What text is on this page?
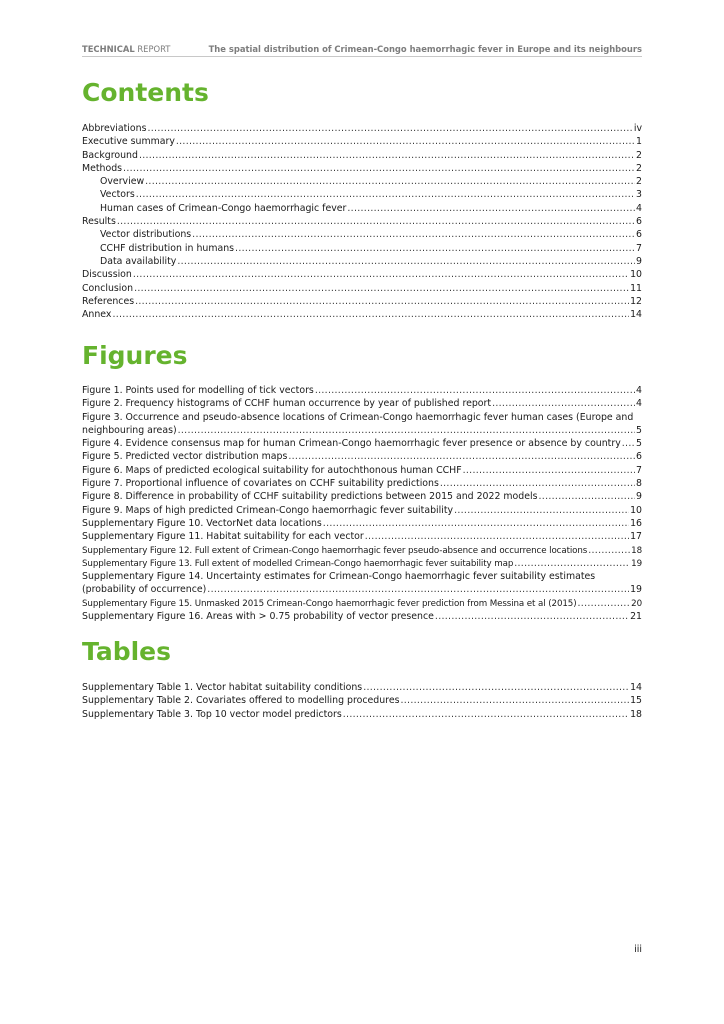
TECHNICAL REPORT	The spatial distribution of Crimean-Congo haemorrhagic fever in Europe and its neighbours
Contents
Abbreviations .....	iv
Executive summary .....	1
Background .....	2
Methods .....	2
Overview .....	2
Vectors .....	3
Human cases of Crimean-Congo haemorrhagic fever .....	4
Results .....	6
Vector distributions .....	6
CCHF distribution in humans .....	7
Data availability .....	9
Discussion .....	10
Conclusion .....	11
References .....	12
Annex .....	14
Figures
Figure 1. Points used for modelling of tick vectors .....	4
Figure 2. Frequency histograms of CCHF human occurrence by year of published report .....	4
Figure 3. Occurrence and pseudo-absence locations of Crimean-Congo haemorrhagic fever human cases (Europe and
neighbouring areas) .....	5
Figure 4. Evidence consensus map for human Crimean-Congo haemorrhagic fever presence or absence by country ..... 5
Figure 5. Predicted vector distribution maps .....	6
Figure 6. Maps of predicted ecological suitability for autochthonous human CCHF .....	7
Figure 7. Proportional influence of covariates on CCHF suitability predictions .....	8
Figure 8. Difference in probability of CCHF suitability predictions between 2015 and 2022 models .....	9
Figure 9. Maps of high predicted Crimean-Congo haemorrhagic fever suitability .....	10
Supplementary Figure 10. VectorNet data locations .....	16
Supplementary Figure 11. Habitat suitability for each vector .....	17
Supplementary Figure 12. Full extent of Crimean-Congo haemorrhagic fever pseudo-absence and occurrence locations .....	18
Supplementary Figure 13. Full extent of modelled Crimean-Congo haemorrhagic fever suitability map .....	19
Supplementary Figure 14. Uncertainty estimates for Crimean-Congo haemorrhagic fever suitability estimates
(probability of occurrence) .....	19
Supplementary Figure 15. Unmasked 2015 Crimean-Congo haemorrhagic fever prediction from Messina et al (2015) .....	20
Supplementary Figure 16. Areas with > 0.75 probability of vector presence .....	21
Tables
Supplementary Table 1. Vector habitat suitability conditions .....	14
Supplementary Table 2. Covariates offered to modelling procedures .....	15
Supplementary Table 3. Top 10 vector model predictors .....	18
iii
